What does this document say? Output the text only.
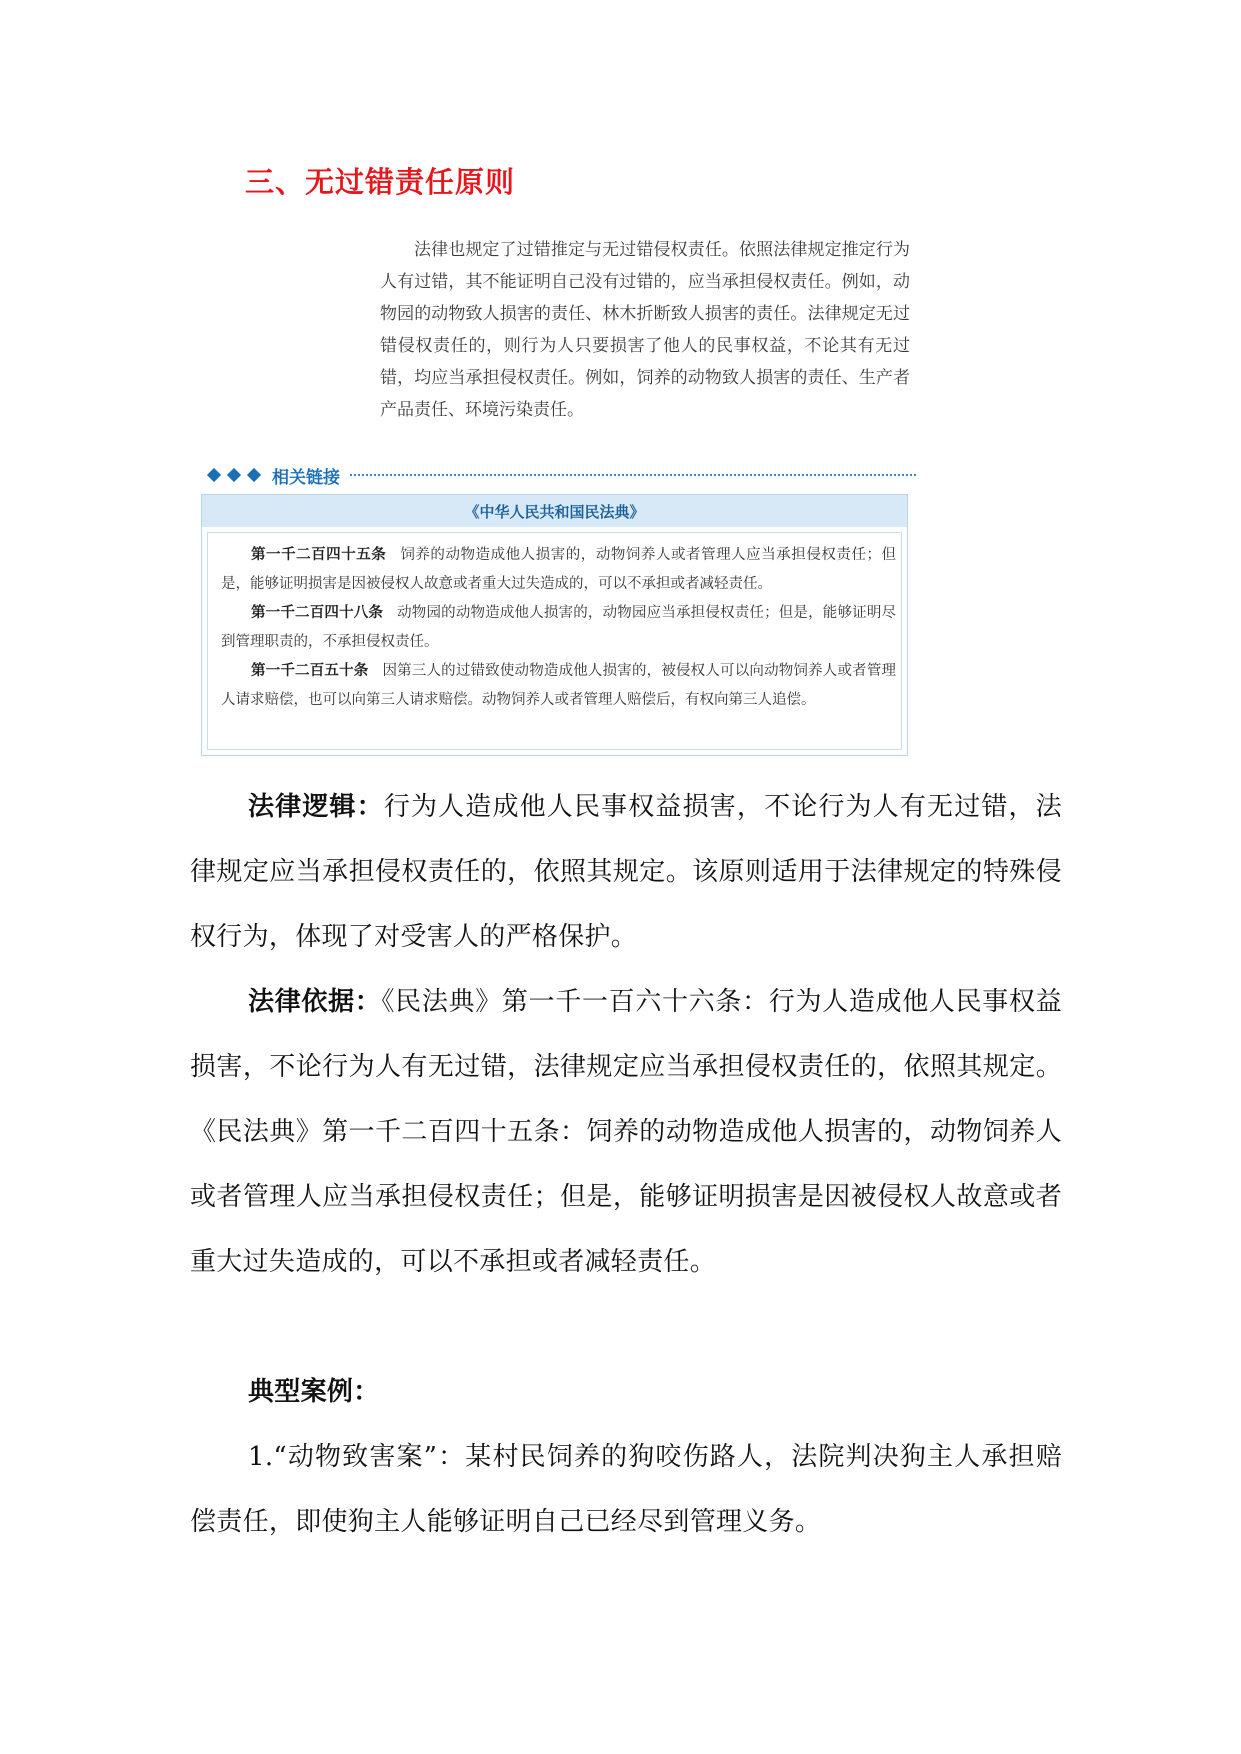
三、无过错责任原则
法律也规定了过错推定与无过错侵权责任。依照法律规定推定行为人有过错，其不能证明自己没有过错的，应当承担侵权责任。例如，动物园的动物致人损害的责任、林木折断致人损害的责任。法律规定无过错侵权责任的，则行为人只要损害了他人的民事权益，不论其有无过错，均应当承担侵权责任。例如，饲养的动物致人损害的责任、生产者产品责任、环境污染责任。
相关链接
《中华人民共和国民法典》
第一千二百四十五条 饲养的动物造成他人损害的，动物饲养人或者管理人应当承担侵权责任；但是，能够证明损害是因被侵权人故意或者重大过失造成的，可以不承担或者减轻责任。
第一千二百四十八条 动物园的动物造成他人损害的，动物园应当承担侵权责任；但是，能够证明尽到管理职责的，不承担侵权责任。
第一千二百五十条 因第三人的过错致使动物造成他人损害的，被侵权人可以向动物饲养人或者管理人请求赔偿，也可以向第三人请求赔偿。动物饲养人或者管理人赔偿后，有权向第三人追偿。
法律逻辑：行为人造成他人民事权益损害，不论行为人有无过错，法律规定应当承担侵权责任的，依照其规定。该原则适用于法律规定的特殊侵权行为，体现了对受害人的严格保护。
法律依据：《民法典》第一千一百六十六条：行为人造成他人民事权益损害，不论行为人有无过错，法律规定应当承担侵权责任的，依照其规定。《民法典》第一千二百四十五条：饲养的动物造成他人损害的，动物饲养人或者管理人应当承担侵权责任；但是，能够证明损害是因被侵权人故意或者重大过失造成的，可以不承担或者减轻责任。
典型案例：
1.“动物致害案”：某村民饲养的狗咬伤路人，法院判决狗主人承担赔偿责任，即使狗主人能够证明自己已经尽到管理义务。
